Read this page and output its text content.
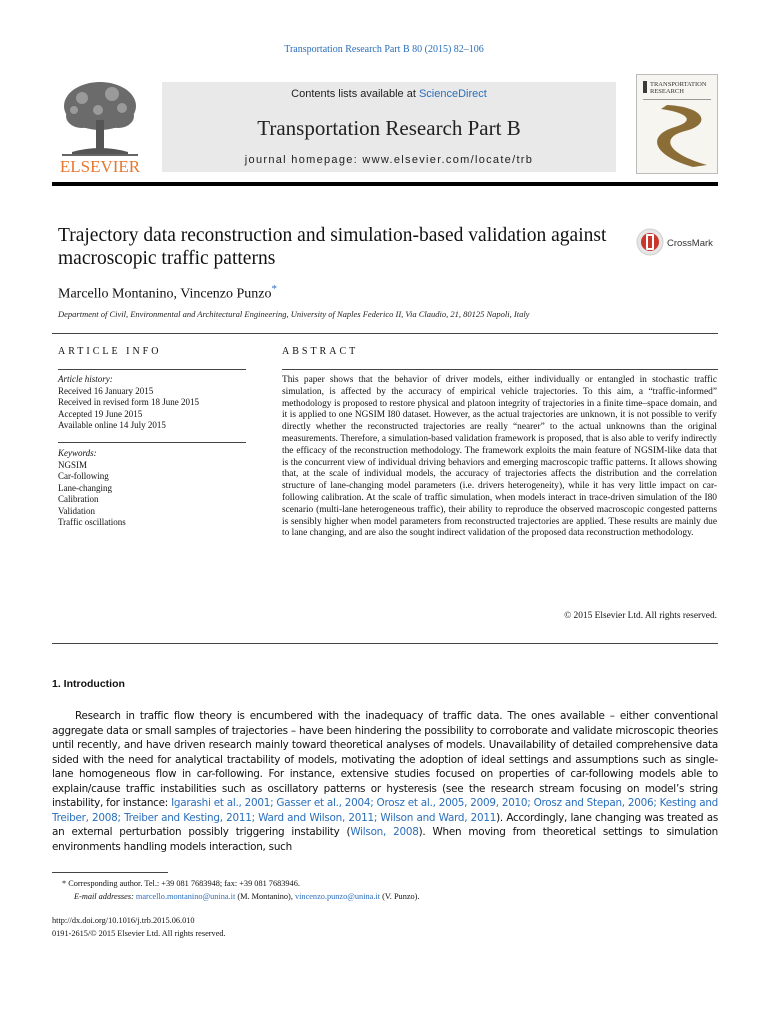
Transportation Research Part B 80 (2015) 82–106
ELSEVIER
Contents lists available at ScienceDirect
Transportation Research Part B
journal homepage: www.elsevier.com/locate/trb
TRANSPORTATION
RESEARCH
Trajectory data reconstruction and simulation-based validation against macroscopic traffic patterns
CrossMark
Marcello Montanino, Vincenzo Punzo*
Department of Civil, Environmental and Architectural Engineering, University of Naples Federico II, Via Claudio, 21, 80125 Napoli, Italy
ARTICLE INFO
Article history:
Received 16 January 2015
Received in revised form 18 June 2015
Accepted 19 June 2015
Available online 14 July 2015
Keywords:
NGSIM
Car-following
Lane-changing
Calibration
Validation
Traffic oscillations
ABSTRACT
This paper shows that the behavior of driver models, either individually or entangled in stochastic traffic simulation, is affected by the accuracy of empirical vehicle trajectories. To this aim, a “traffic-informed” methodology is proposed to restore physical and platoon integrity of trajectories in a finite time–space domain, and it is applied to one NGSIM I80 dataset. However, as the actual trajectories are unknown, it is not possible to verify directly whether the reconstructed trajectories are really “nearer” to the actual unknowns than the original measurements. Therefore, a simulation-based validation framework is proposed, that is also able to verify indirectly the efficacy of the reconstruction methodology. The framework exploits the main feature of NGSIM-like data that is the concurrent view of individual driving behaviors and emerging macroscopic traffic patterns. It allows showing that, at the scale of individual models, the accuracy of trajectories affects the distribution and the correlation structure of lane-changing model parameters (i.e. drivers heterogeneity), while it has very little impact on car-following calibration. At the scale of traffic simulation, when models interact in trace-driven simulation of the I80 scenario (multi-lane heterogeneous traffic), their ability to reproduce the observed macroscopic congested patterns is sensibly higher when model parameters from reconstructed trajectories are applied. These results are mainly due to lane changing, and are also the sought indirect validation of the proposed data reconstruction methodology.
© 2015 Elsevier Ltd. All rights reserved.
1. Introduction
Research in traffic flow theory is encumbered with the inadequacy of traffic data. The ones available – either conventional aggregate data or small samples of trajectories – have been hindering the possibility to corroborate and validate microscopic theories until recently, and have driven research mainly toward theoretical analyses of models. Unavailability of detailed comprehensive data sided with the need for analytical tractability of models, motivating the adoption of ideal settings and assumptions such as single-lane homogeneous flow in car-following. For instance, extensive studies focused on properties of car-following models able to explain/cause traffic instabilities such as oscillatory patterns or hysteresis (see the research stream focusing on model’s string instability, for instance: Igarashi et al., 2001; Gasser et al., 2004; Orosz et al., 2005, 2009, 2010; Orosz and Stepan, 2006; Kesting and Treiber, 2008; Treiber and Kesting, 2011; Ward and Wilson, 2011; Wilson and Ward, 2011). Accordingly, lane changing was treated as an external perturbation possibly triggering instability (Wilson, 2008). When moving from theoretical settings to simulation environments handling models interaction, such
* Corresponding author. Tel.: +39 081 7683948; fax: +39 081 7683946.
E-mail addresses: marcello.montanino@unina.it (M. Montanino), vincenzo.punzo@unina.it (V. Punzo).
http://dx.doi.org/10.1016/j.trb.2015.06.010
0191-2615/© 2015 Elsevier Ltd. All rights reserved.
